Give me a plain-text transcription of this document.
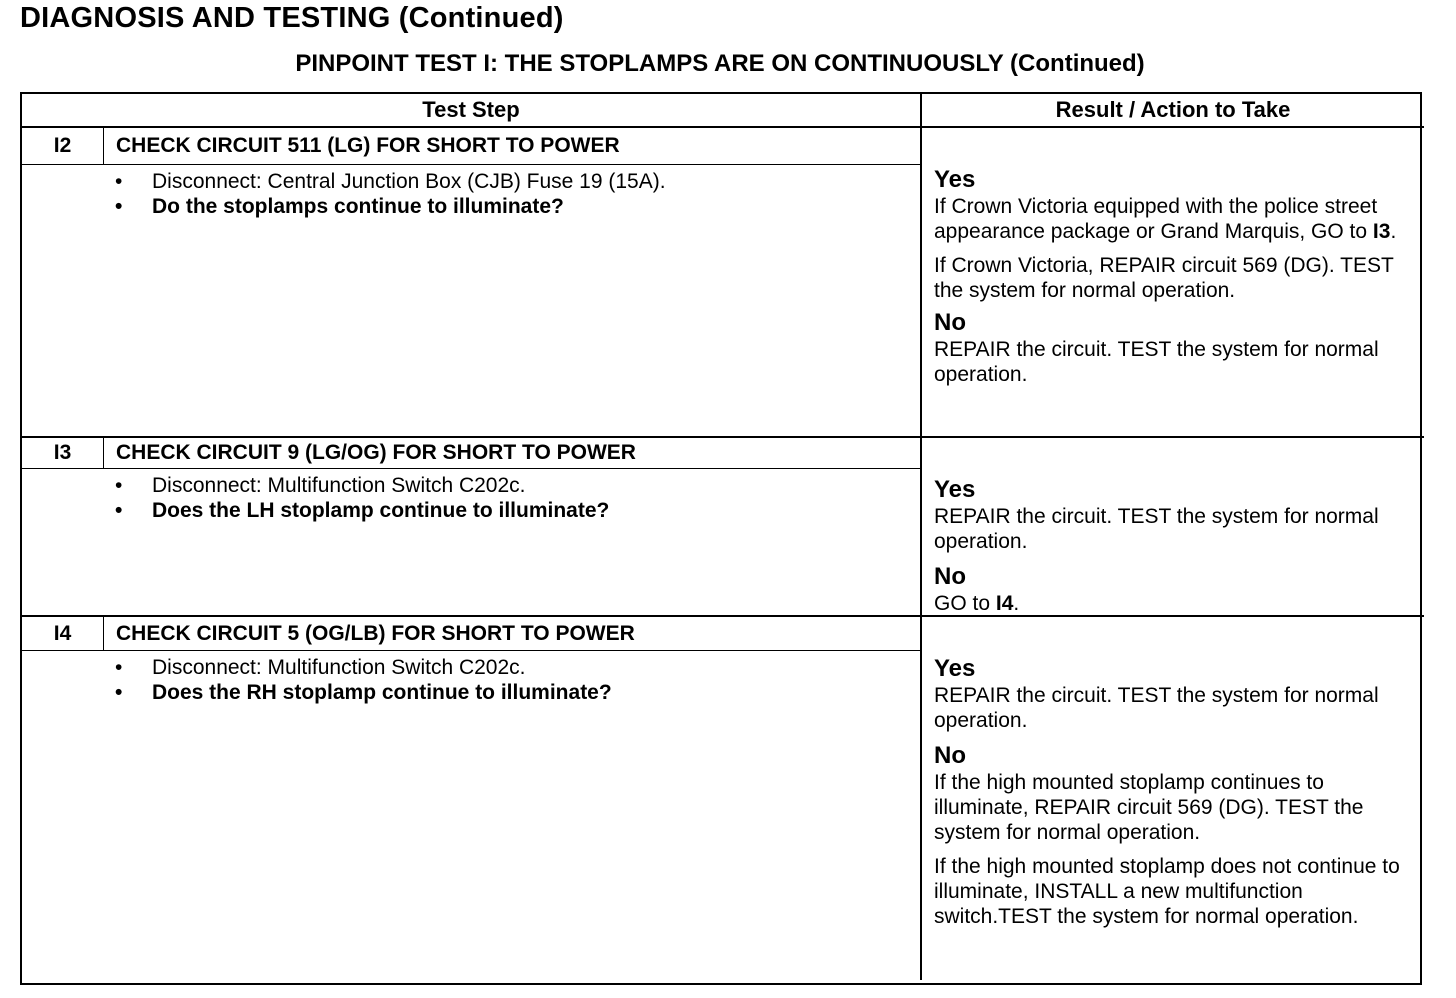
DIAGNOSIS AND TESTING (Continued)
PINPOINT TEST I: THE STOPLAMPS ARE ON CONTINUOUSLY (Continued)
Test Step	Result / Action to Take
I2	CHECK CIRCUIT 511 (LG) FOR SHORT TO POWER
• Disconnect: Central Junction Box (CJB) Fuse 19 (15A).
• Do the stoplamps continue to illuminate?
Yes
If Crown Victoria equipped with the police street appearance package or Grand Marquis, GO to I3.
If Crown Victoria, REPAIR circuit 569 (DG). TEST the system for normal operation.
No
REPAIR the circuit. TEST the system for normal operation.
I3	CHECK CIRCUIT 9 (LG/OG) FOR SHORT TO POWER
• Disconnect: Multifunction Switch C202c.
• Does the LH stoplamp continue to illuminate?
Yes
REPAIR the circuit. TEST the system for normal operation.
No
GO to I4.
I4	CHECK CIRCUIT 5 (OG/LB) FOR SHORT TO POWER
• Disconnect: Multifunction Switch C202c.
• Does the RH stoplamp continue to illuminate?
Yes
REPAIR the circuit. TEST the system for normal operation.
No
If the high mounted stoplamp continues to illuminate, REPAIR circuit 569 (DG). TEST the system for normal operation.
If the high mounted stoplamp does not continue to illuminate, INSTALL a new multifunction switch.TEST the system for normal operation.
